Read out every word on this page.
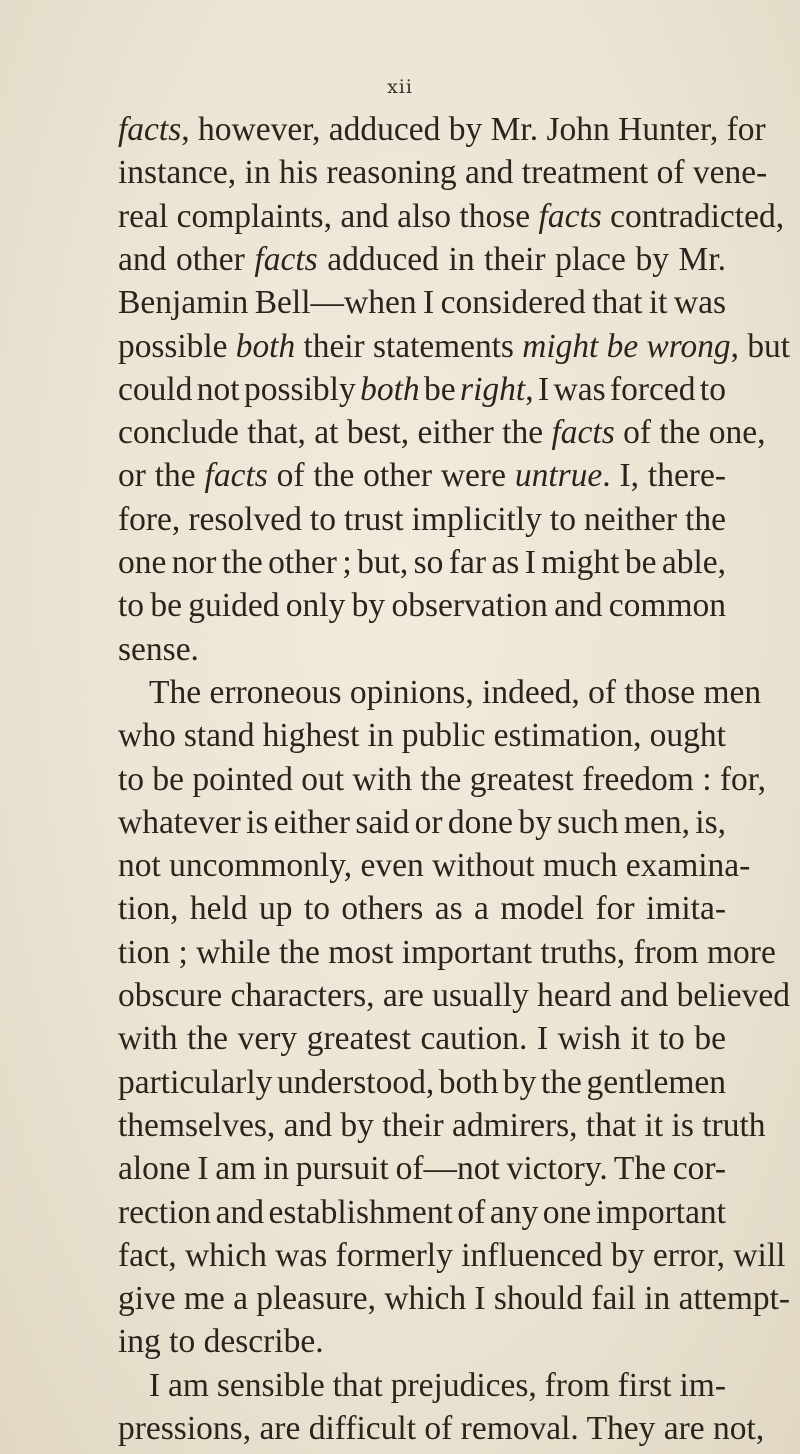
xii
facts, however, adduced by Mr. John Hunter, for
instance, in his reasoning and treatment of vene-
real complaints, and also those facts contradicted,
and other facts adduced in their place by Mr.
Benjamin Bell—when I considered that it was
possible both their statements might be wrong, but
could not possibly both be right, I was forced to
conclude that, at best, either the facts of the one,
or the facts of the other were untrue. I, there-
fore, resolved to trust implicitly to neither the
one nor the other ; but, so far as I might be able,
to be guided only by observation and common
sense.
The erroneous opinions, indeed, of those men
who stand highest in public estimation, ought
to be pointed out with the greatest freedom : for,
whatever is either said or done by such men, is,
not uncommonly, even without much examina-
tion, held up to others as a model for imita-
tion ; while the most important truths, from more
obscure characters, are usually heard and believed
with the very greatest caution. I wish it to be
particularly understood, both by the gentlemen
themselves, and by their admirers, that it is truth
alone I am in pursuit of—not victory. The cor-
rection and establishment of any one important
fact, which was formerly influenced by error, will
give me a pleasure, which I should fail in attempt-
ing to describe.
I am sensible that prejudices, from first im-
pressions, are difficult of removal. They are not,
